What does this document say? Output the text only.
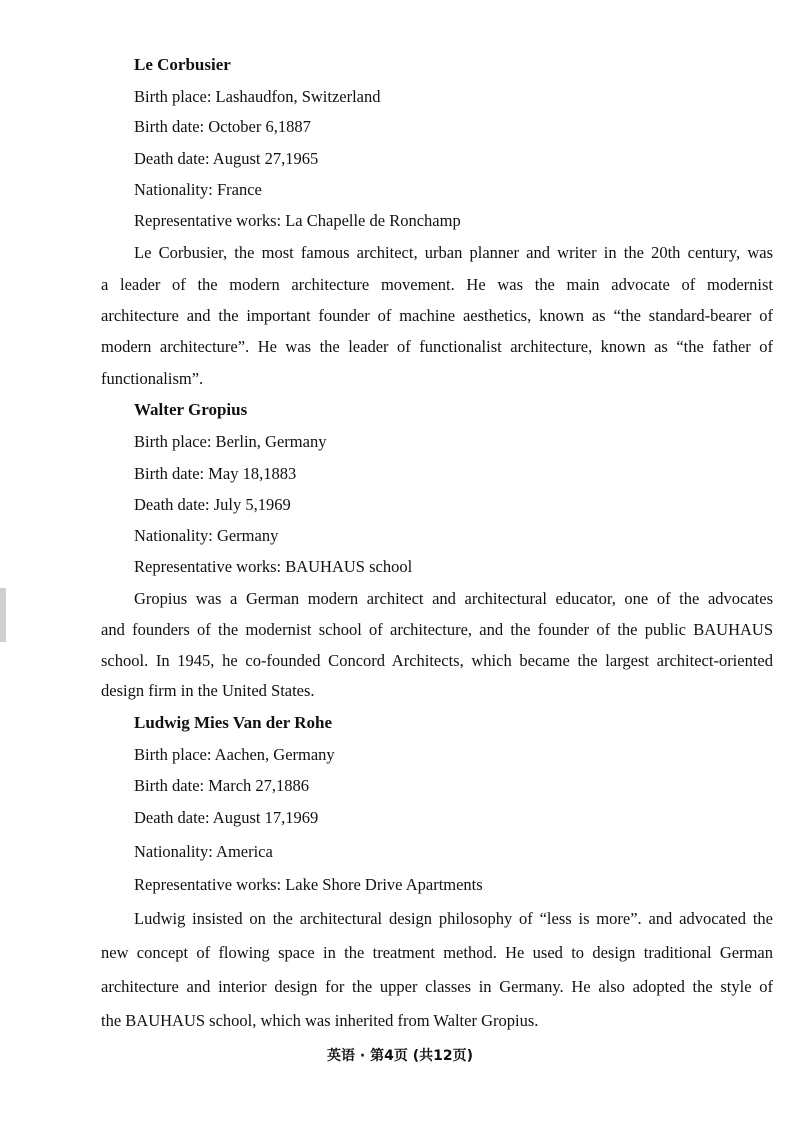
Le Corbusier
Birth place: Lashaudfon, Switzerland
Birth date: October 6,1887
Death date: August 27,1965
Nationality: France
Representative works: La Chapelle de Ronchamp
Le Corbusier, the most famous architect, urban planner and writer in the 20th century, was
a leader of the modern architecture movement. He was the main advocate of modernist
architecture and the important founder of machine aesthetics, known as “the standard-bearer of
modern architecture”. He was the leader of functionalist architecture, known as “the father of
functionalism”.
Walter Gropius
Birth place: Berlin, Germany
Birth date: May 18,1883
Death date: July 5,1969
Nationality: Germany
Representative works: BAUHAUS school
Gropius was a German modern architect and architectural educator, one of the advocates
and founders of the modernist school of architecture, and the founder of the public BAUHAUS
school. In 1945, he co-founded Concord Architects, which became the largest architect-oriented
design firm in the United States.
Ludwig Mies Van der Rohe
Birth place: Aachen, Germany
Birth date: March 27,1886
Death date: August 17,1969
Nationality: America
Representative works: Lake Shore Drive Apartments
Ludwig insisted on the architectural design philosophy of “less is more”. and advocated the
new concept of flowing space in the treatment method. He used to design traditional German
architecture and interior design for the upper classes in Germany. He also adopted the style of
the BAUHAUS school, which was inherited from Walter Gropius.
英语 · 第4页 (共12页)
